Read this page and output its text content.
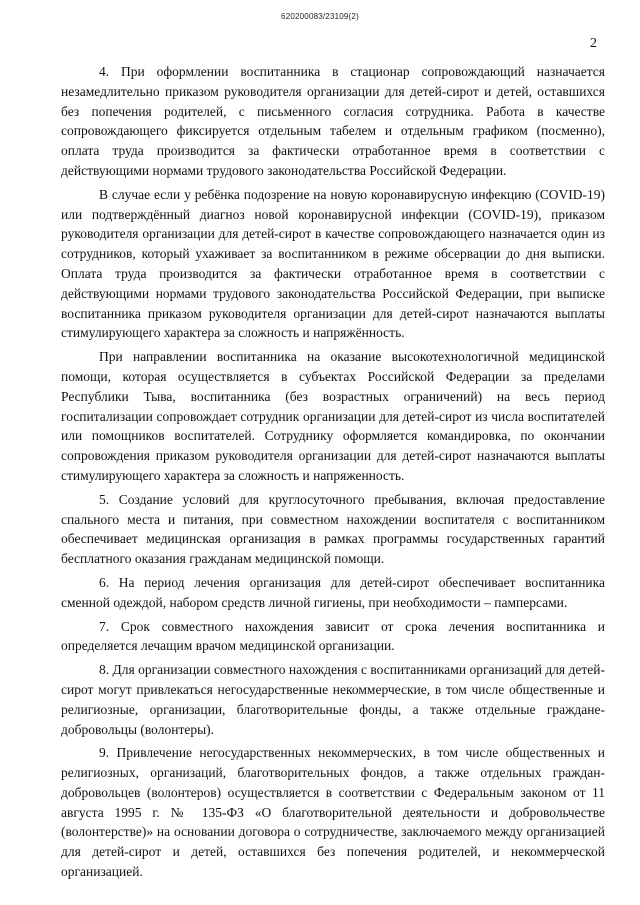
620200083/23109(2)
2

4. При оформлении воспитанника в стационар сопровождающий назначается незамедлительно приказом руководителя организации для детей-сирот и детей, оставшихся без попечения родителей, с письменного согласия сотрудника. Работа в качестве сопровождающего фиксируется отдельным табелем и отдельным графиком (посменно), оплата труда производится за фактически отработанное время в соответствии с действующими нормами трудового законодательства Российской Федерации.

В случае если у ребёнка подозрение на новую коронавирусную инфекцию (COVID-19) или подтверждённый диагноз новой коронавирусной инфекции (COVID-19), приказом руководителя организации для детей-сирот в качестве сопровождающего назначается один из сотрудников, который ухаживает за воспитанником в режиме обсервации до дня выписки. Оплата труда производится за фактически отработанное время в соответствии с действующими нормами трудового законодательства Российской Федерации, при выписке воспитанника приказом руководителя организации для детей-сирот назначаются выплаты стимулирующего характера за сложность и напряжённость.

При направлении воспитанника на оказание высокотехнологичной медицинской помощи, которая осуществляется в субъектах Российской Федерации за пределами Республики Тыва, воспитанника (без возрастных ограничений) на весь период госпитализации сопровождает сотрудник организации для детей-сирот из числа воспитателей или помощников воспитателей. Сотруднику оформляется командировка, по окончании сопровождения приказом руководителя организации для детей-сирот назначаются выплаты стимулирующего характера за сложность и напряженность.

5. Создание условий для круглосуточного пребывания, включая предоставление спального места и питания, при совместном нахождении воспитателя с воспитанником обеспечивает медицинская организация в рамках программы государственных гарантий бесплатного оказания гражданам медицинской помощи.

6. На период лечения организация для детей-сирот обеспечивает воспитанника сменной одеждой, набором средств личной гигиены, при необходимости – памперсами.

7. Срок совместного нахождения зависит от срока лечения воспитанника и определяется лечащим врачом медицинской организации.

8. Для организации совместного нахождения с воспитанниками организаций для детей-сирот могут привлекаться негосударственные некоммерческие, в том числе общественные и религиозные, организации, благотворительные фонды, а также отдельные граждане-добровольцы (волонтеры).

9. Привлечение негосударственных некоммерческих, в том числе общественных и религиозных, организаций, благотворительных фондов, а также отдельных граждан-добровольцев (волонтеров) осуществляется в соответствии с Федеральным законом от 11 августа 1995 г. № 135-ФЗ «О благотворительной деятельности и добровольчестве (волонтерстве)» на основании договора о сотрудничестве, заключаемого между организацией для детей-сирот и детей, оставшихся без попечения родителей, и некоммерческой организацией.
